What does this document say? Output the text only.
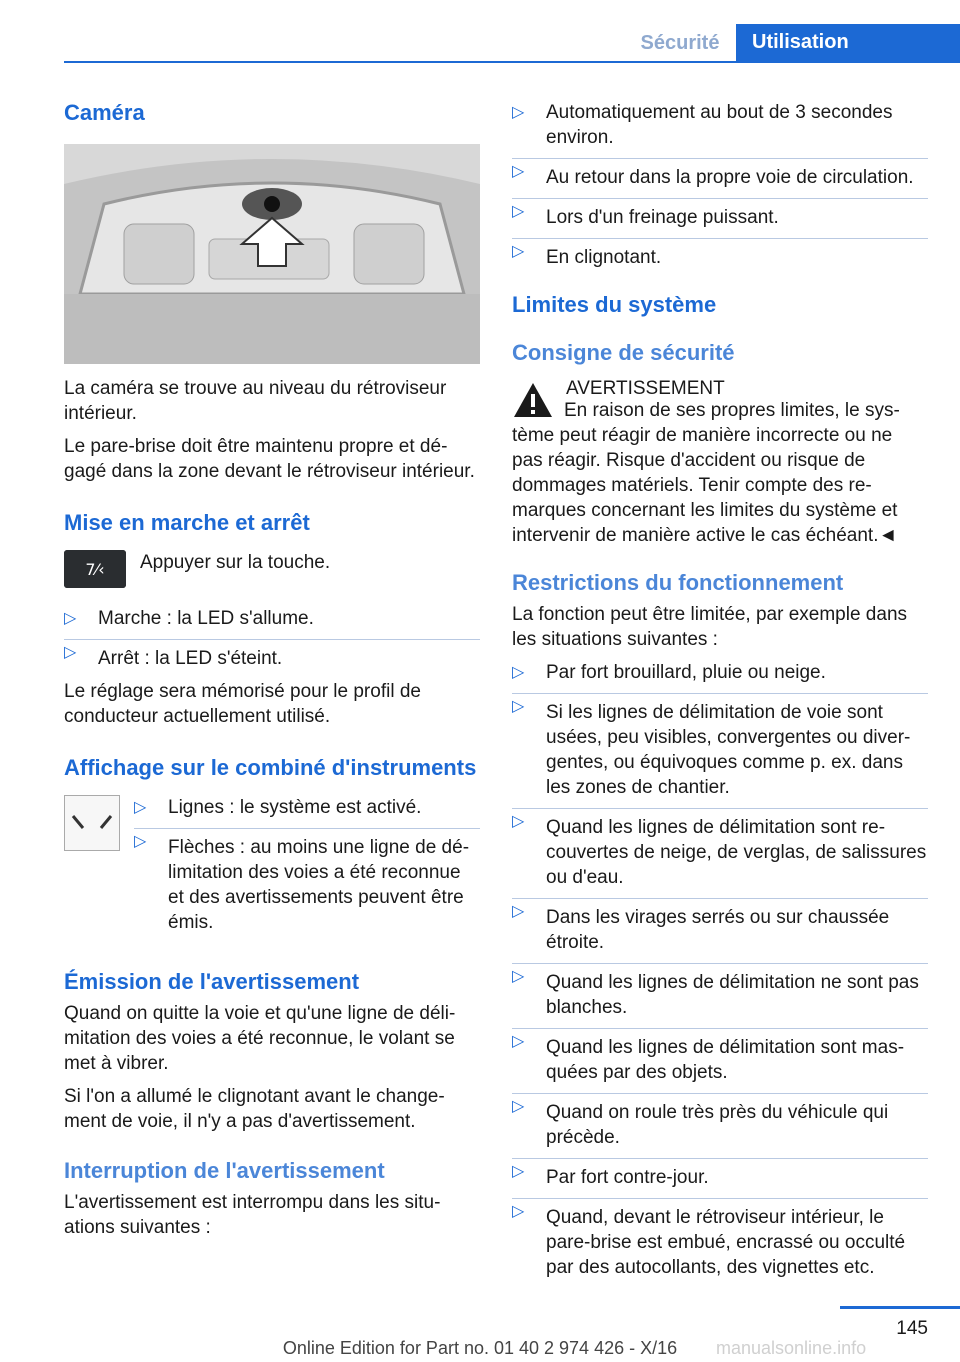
Sécurité	Utilisation
Caméra

La caméra se trouve au niveau du rétroviseur intérieur.

Le pare-brise doit être maintenu propre et dégagé dans la zone devant le rétroviseur intérieur.

Mise en marche et arrêt
7⁄‹ Appuyer sur la touche.

▷	Marche : la LED s'allume.
▷	Arrêt : la LED s'éteint.

Le réglage sera mémorisé pour le profil de conducteur actuellement utilisé.

Affichage sur le combiné d'instruments
▷	Lignes : le système est activé.
▷	Flèches : au moins une ligne de délimitation des voies a été reconnue et des avertissements peuvent être émis.
Émission de l'avertissement

Quand on quitte la voie et qu'une ligne de délimitation des voies a été reconnue, le volant se met à vibrer.

Si l'on a allumé le clignotant avant le changement de voie, il n'y a pas d'avertissement.

Interruption de l'avertissement

L'avertissement est interrompu dans les situations suivantes :

▷	Automatiquement au bout de 3 secondes environ.
▷	Au retour dans la propre voie de circulation.
▷	Lors d'un freinage puissant.
▷	En clignotant.
Limites du système
Consigne de sécurité

AVERTISSEMENT

En raison de ses propres limites, le système peut réagir de manière incorrecte ou ne pas réagir. Risque d'accident ou risque de dommages matériels. Tenir compte des remarques concernant les limites du système et intervenir de manière active le cas échéant.◄

Restrictions du fonctionnement

La fonction peut être limitée, par exemple dans les situations suivantes :

▷	Par fort brouillard, pluie ou neige.
▷	Si les lignes de délimitation de voie sont usées, peu visibles, convergentes ou divergentes, ou équivoques comme p. ex. dans les zones de chantier.
▷	Quand les lignes de délimitation sont recouvertes de neige, de verglas, de salissures ou d'eau.
▷	Dans les virages serrés ou sur chaussée étroite.
▷	Quand les lignes de délimitation ne sont pas blanches.
▷	Quand les lignes de délimitation sont masquées par des objets.
▷	Quand on roule très près du véhicule qui précède.
▷	Par fort contre-jour.
▷	Quand, devant le rétroviseur intérieur, le pare-brise est embué, encrassé ou occulté par des autocollants, des vignettes etc.
145
Online Edition for Part no. 01 40 2 974 426 - X/16	manualsonline.info
